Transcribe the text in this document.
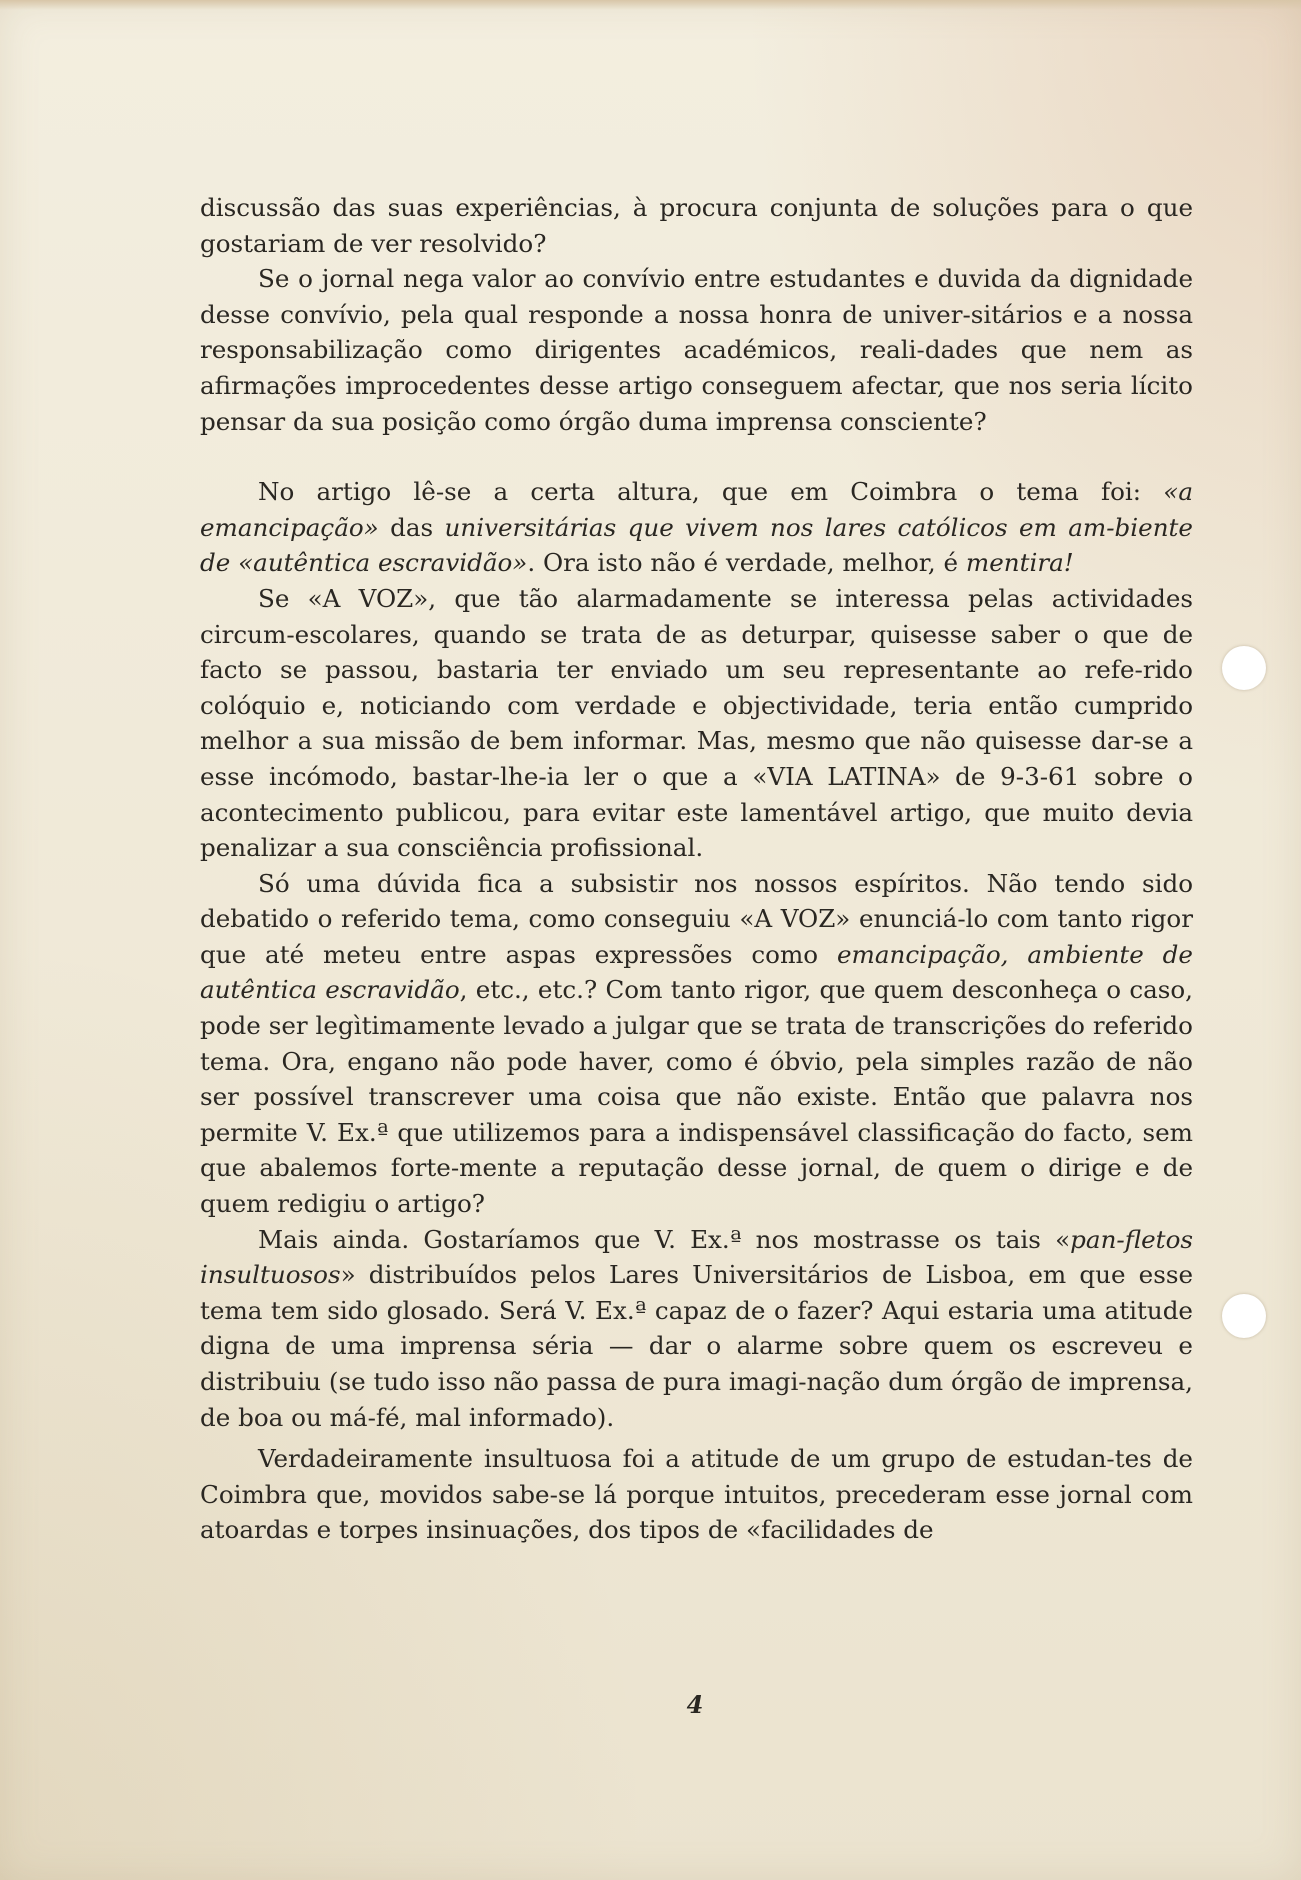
discussão das suas experiências, à procura conjunta de soluções para o que gostariam de ver resolvido?

Se o jornal nega valor ao convívio entre estudantes e duvida da dignidade desse convívio, pela qual responde a nossa honra de univer-sitários e a nossa responsabilização como dirigentes académicos, reali-dades que nem as afirmações improcedentes desse artigo conseguem afectar, que nos seria lícito pensar da sua posição como órgão duma imprensa consciente?

No artigo lê-se a certa altura, que em Coimbra o tema foi: «a emancipação» das universitárias que vivem nos lares católicos em am-biente de «autêntica escravidão». Ora isto não é verdade, melhor, é mentira!

Se «A VOZ», que tão alarmadamente se interessa pelas actividades circum-escolares, quando se trata de as deturpar, quisesse saber o que de facto se passou, bastaria ter enviado um seu representante ao refe-rido colóquio e, noticiando com verdade e objectividade, teria então cumprido melhor a sua missão de bem informar. Mas, mesmo que não quisesse dar-se a esse incómodo, bastar-lhe-ia ler o que a «VIA LATINA» de 9-3-61 sobre o acontecimento publicou, para evitar este lamentável artigo, que muito devia penalizar a sua consciência profissional.

Só uma dúvida fica a subsistir nos nossos espíritos. Não tendo sido debatido o referido tema, como conseguiu «A VOZ» enunciá-lo com tanto rigor que até meteu entre aspas expressões como emancipação, ambiente de autêntica escravidão, etc., etc.? Com tanto rigor, que quem desconheça o caso, pode ser legìtimamente levado a julgar que se trata de transcrições do referido tema. Ora, engano não pode haver, como é óbvio, pela simples razão de não ser possível transcrever uma coisa que não existe. Então que palavra nos permite V. Ex.ª que utilizemos para a indispensável classificação do facto, sem que abalemos forte-mente a reputação desse jornal, de quem o dirige e de quem redigiu o artigo?

Mais ainda. Gostaríamos que V. Ex.ª nos mostrasse os tais «pan-fletos insultuosos» distribuídos pelos Lares Universitários de Lisboa, em que esse tema tem sido glosado. Será V. Ex.ª capaz de o fazer? Aqui estaria uma atitude digna de uma imprensa séria — dar o alarme sobre quem os escreveu e distribuiu (se tudo isso não passa de pura imagi-nação dum órgão de imprensa, de boa ou má-fé, mal informado).

Verdadeiramente insultuosa foi a atitude de um grupo de estudan-tes de Coimbra que, movidos sabe-se lá porque intuitos, precederam esse jornal com atoardas e torpes insinuações, dos tipos de «facilidades de

4
